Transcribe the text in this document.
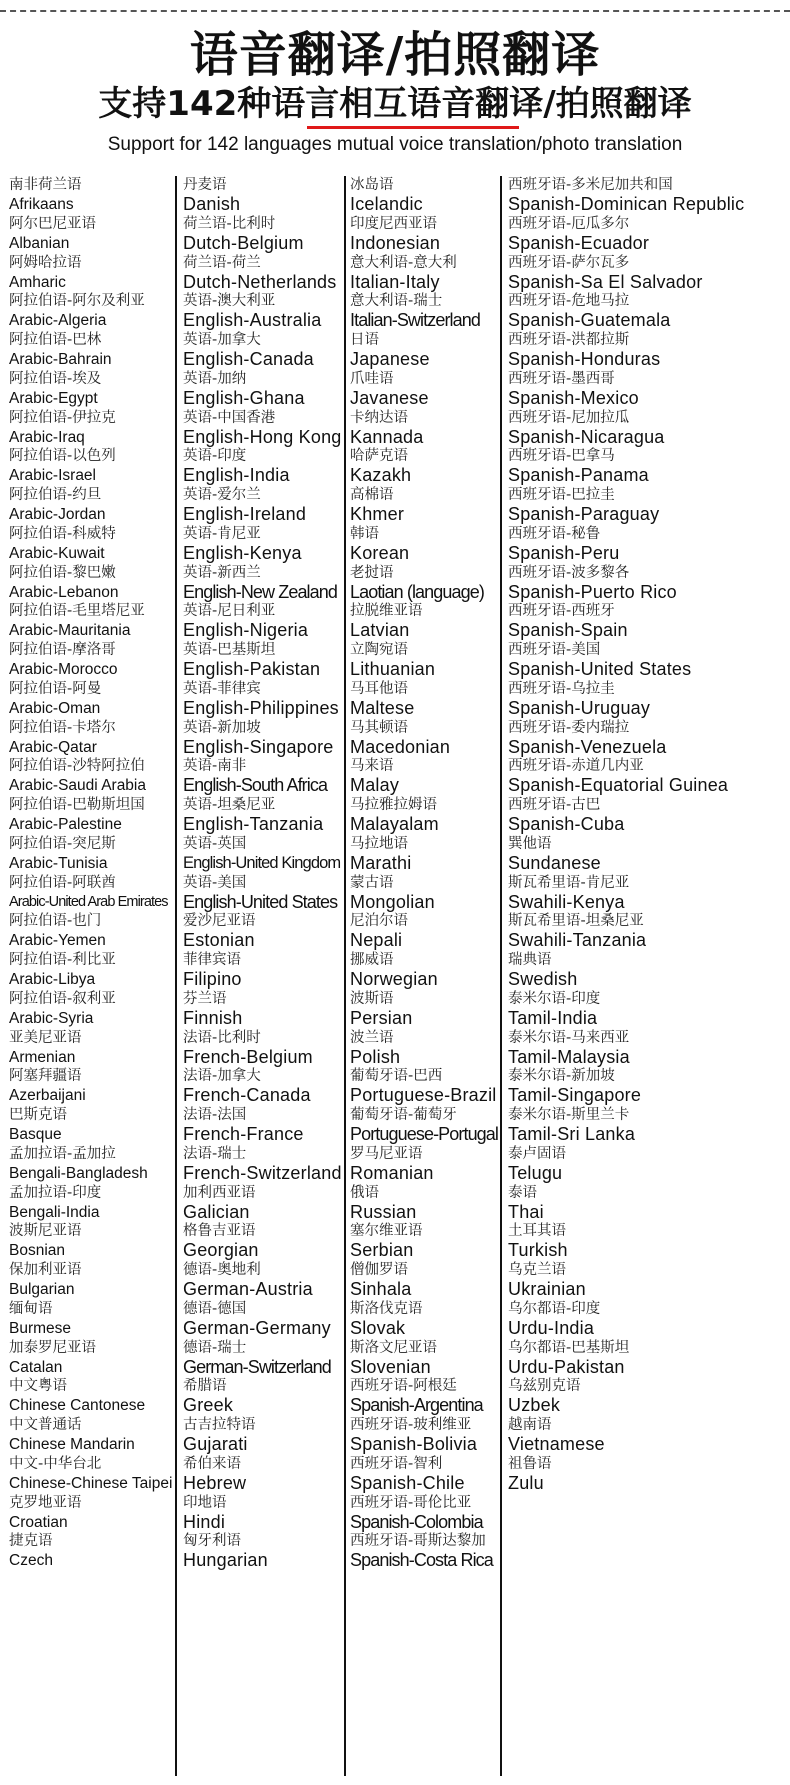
语音翻译/拍照翻译
支持142种语言相互语音翻译/拍照翻译
Support for 142 languages mutual voice translation/photo translation
南非荷兰语
Afrikaans
阿尔巴尼亚语
Albanian
阿姆哈拉语
Amharic
阿拉伯语-阿尔及利亚
Arabic-Algeria
阿拉伯语-巴林
Arabic-Bahrain
阿拉伯语-埃及
Arabic-Egypt
阿拉伯语-伊拉克
Arabic-Iraq
阿拉伯语-以色列
Arabic-Israel
阿拉伯语-约旦
Arabic-Jordan
阿拉伯语-科威特
Arabic-Kuwait
阿拉伯语-黎巴嫩
Arabic-Lebanon
阿拉伯语-毛里塔尼亚
Arabic-Mauritania
阿拉伯语-摩洛哥
Arabic-Morocco
阿拉伯语-阿曼
Arabic-Oman
阿拉伯语-卡塔尔
Arabic-Qatar
阿拉伯语-沙特阿拉伯
Arabic-Saudi Arabia
阿拉伯语-巴勒斯坦国
Arabic-Palestine
阿拉伯语-突尼斯
Arabic-Tunisia
阿拉伯语-阿联酋
Arabic-United Arab Emirates
阿拉伯语-也门
Arabic-Yemen
阿拉伯语-利比亚
Arabic-Libya
阿拉伯语-叙利亚
Arabic-Syria
亚美尼亚语
Armenian
阿塞拜疆语
Azerbaijani
巴斯克语
Basque
孟加拉语-孟加拉
Bengali-Bangladesh
孟加拉语-印度
Bengali-India
波斯尼亚语
Bosnian
保加利亚语
Bulgarian
缅甸语
Burmese
加泰罗尼亚语
Catalan
中文粤语
Chinese Cantonese
中文普通话
Chinese Mandarin
中文-中华台北
Chinese-Chinese Taipei
克罗地亚语
Croatian
捷克语
Czech
丹麦语
Danish
荷兰语-比利时
Dutch-Belgium
荷兰语-荷兰
Dutch-Netherlands
英语-澳大利亚
English-Australia
英语-加拿大
English-Canada
英语-加纳
English-Ghana
英语-中国香港
English-Hong Kong
英语-印度
English-India
英语-爱尔兰
English-Ireland
英语-肯尼亚
English-Kenya
英语-新西兰
English-New Zealand
英语-尼日利亚
English-Nigeria
英语-巴基斯坦
English-Pakistan
英语-菲律宾
English-Philippines
英语-新加坡
English-Singapore
英语-南非
English-South Africa
英语-坦桑尼亚
English-Tanzania
英语-英国
English-United Kingdom
英语-美国
English-United States
爱沙尼亚语
Estonian
菲律宾语
Filipino
芬兰语
Finnish
法语-比利时
French-Belgium
法语-加拿大
French-Canada
法语-法国
French-France
法语-瑞士
French-Switzerland
加利西亚语
Galician
格鲁吉亚语
Georgian
德语-奥地利
German-Austria
德语-德国
German-Germany
德语-瑞士
German-Switzerland
希腊语
Greek
古吉拉特语
Gujarati
希伯来语
Hebrew
印地语
Hindi
匈牙利语
Hungarian
冰岛语
Icelandic
印度尼西亚语
Indonesian
意大利语-意大利
Italian-Italy
意大利语-瑞士
Italian-Switzerland
日语
Japanese
爪哇语
Javanese
卡纳达语
Kannada
哈萨克语
Kazakh
高棉语
Khmer
韩语
Korean
老挝语
Laotian (language)
拉脱维亚语
Latvian
立陶宛语
Lithuanian
马耳他语
Maltese
马其顿语
Macedonian
马来语
Malay
马拉雅拉姆语
Malayalam
马拉地语
Marathi
蒙古语
Mongolian
尼泊尔语
Nepali
挪威语
Norwegian
波斯语
Persian
波兰语
Polish
葡萄牙语-巴西
Portuguese-Brazil
葡萄牙语-葡萄牙
Portuguese-Portugal
罗马尼亚语
Romanian
俄语
Russian
塞尔维亚语
Serbian
僧伽罗语
Sinhala
斯洛伐克语
Slovak
斯洛文尼亚语
Slovenian
西班牙语-阿根廷
Spanish-Argentina
西班牙语-玻利维亚
Spanish-Bolivia
西班牙语-智利
Spanish-Chile
西班牙语-哥伦比亚
Spanish-Colombia
西班牙语-哥斯达黎加
Spanish-Costa Rica
西班牙语-多米尼加共和国
Spanish-Dominican Republic
西班牙语-厄瓜多尔
Spanish-Ecuador
西班牙语-萨尔瓦多
Spanish-Sa El Salvador
西班牙语-危地马拉
Spanish-Guatemala
西班牙语-洪都拉斯
Spanish-Honduras
西班牙语-墨西哥
Spanish-Mexico
西班牙语-尼加拉瓜
Spanish-Nicaragua
西班牙语-巴拿马
Spanish-Panama
西班牙语-巴拉圭
Spanish-Paraguay
西班牙语-秘鲁
Spanish-Peru
西班牙语-波多黎各
Spanish-Puerto Rico
西班牙语-西班牙
Spanish-Spain
西班牙语-美国
Spanish-United States
西班牙语-乌拉圭
Spanish-Uruguay
西班牙语-委内瑞拉
Spanish-Venezuela
西班牙语-赤道几内亚
Spanish-Equatorial Guinea
西班牙语-古巴
Spanish-Cuba
巽他语
Sundanese
斯瓦希里语-肯尼亚
Swahili-Kenya
斯瓦希里语-坦桑尼亚
Swahili-Tanzania
瑞典语
Swedish
泰米尔语-印度
Tamil-India
泰米尔语-马来西亚
Tamil-Malaysia
泰米尔语-新加坡
Tamil-Singapore
泰米尔语-斯里兰卡
Tamil-Sri Lanka
泰卢固语
Telugu
泰语
Thai
土耳其语
Turkish
乌克兰语
Ukrainian
乌尔都语-印度
Urdu-India
乌尔都语-巴基斯坦
Urdu-Pakistan
乌兹别克语
Uzbek
越南语
Vietnamese
祖鲁语
Zulu
